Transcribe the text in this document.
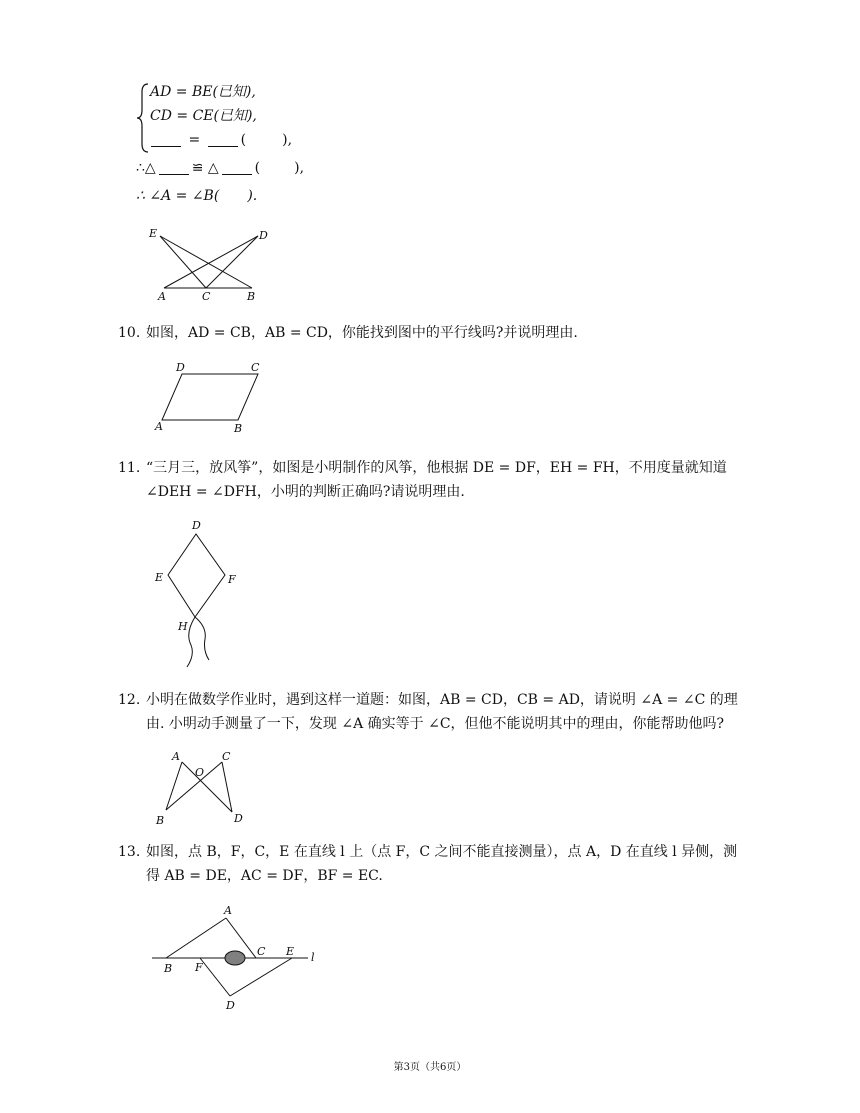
AD = BE(已知),
CD = CE(已知),
=	(	),
∴△	≌ △	( ),
∴ ∠A = ∠B( ).
E	D
A	C	B
10. 如图，AD = CB，AB = CD，你能找到图中的平行线吗?并说明理由.
D	C
A	B
11. “三月三，放风筝”，如图是小明制作的风筝，他根据 DE = DF，EH = FH，不用度量就知道
∠DEH = ∠DFH，小明的判断正确吗?请说明理由.
D
E	F
H
12. 小明在做数学作业时，遇到这样一道题：如图，AB = CD，CB = AD，请说明 ∠A = ∠C 的理
由. 小明动手测量了一下，发现 ∠A 确实等于 ∠C，但他不能说明其中的理由，你能帮助他吗?
A	C
O
B	D
13. 如图，点 B，F，C，E 在直线 l 上（点 F，C 之间不能直接测量），点 A，D 在直线 l 异侧，测
得 AB = DE，AC = DF，BF = EC.
A
B F
C E l
D
第3页（共6页）
